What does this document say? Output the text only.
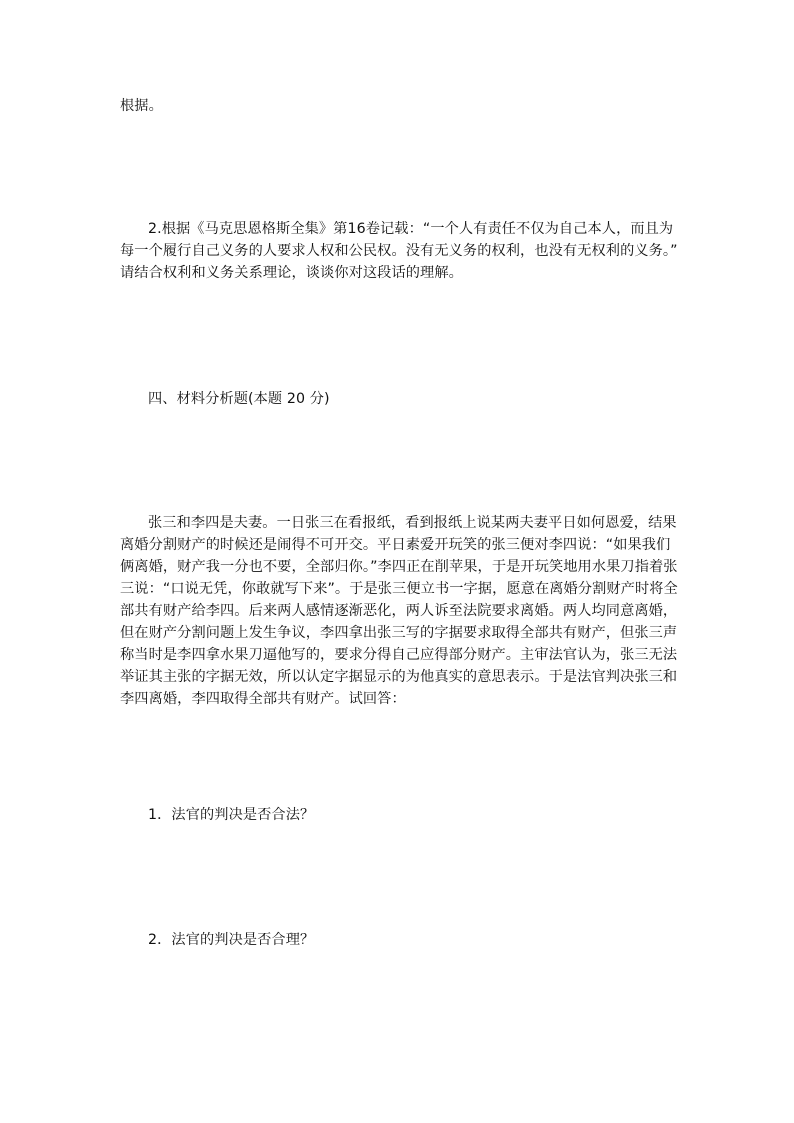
根据。
2.根据《马克思恩格斯全集》第16卷记载：“一个人有责任不仅为自己本人，而且为
每一个履行自己义务的人要求人权和公民权。没有无义务的权利，也没有无权利的义务。”
请结合权利和义务关系理论，谈谈你对这段话的理解。
四、材料分析题(本题 20 分)
张三和李四是夫妻。一日张三在看报纸，看到报纸上说某两夫妻平日如何恩爱，结果
离婚分割财产的时候还是闹得不可开交。平日素爱开玩笑的张三便对李四说：“如果我们
俩离婚，财产我一分也不要，全部归你。”李四正在削苹果，于是开玩笑地用水果刀指着张
三说：“口说无凭，你敢就写下来”。于是张三便立书一字据，愿意在离婚分割财产时将全
部共有财产给李四。后来两人感情逐渐恶化，两人诉至法院要求离婚。两人均同意离婚，
但在财产分割问题上发生争议，李四拿出张三写的字据要求取得全部共有财产，但张三声
称当时是李四拿水果刀逼他写的，要求分得自己应得部分财产。主审法官认为，张三无法
举证其主张的字据无效，所以认定字据显示的为他真实的意思表示。于是法官判决张三和
李四离婚，李四取得全部共有财产。试回答：
1．法官的判决是否合法？
2．法官的判决是否合理？
